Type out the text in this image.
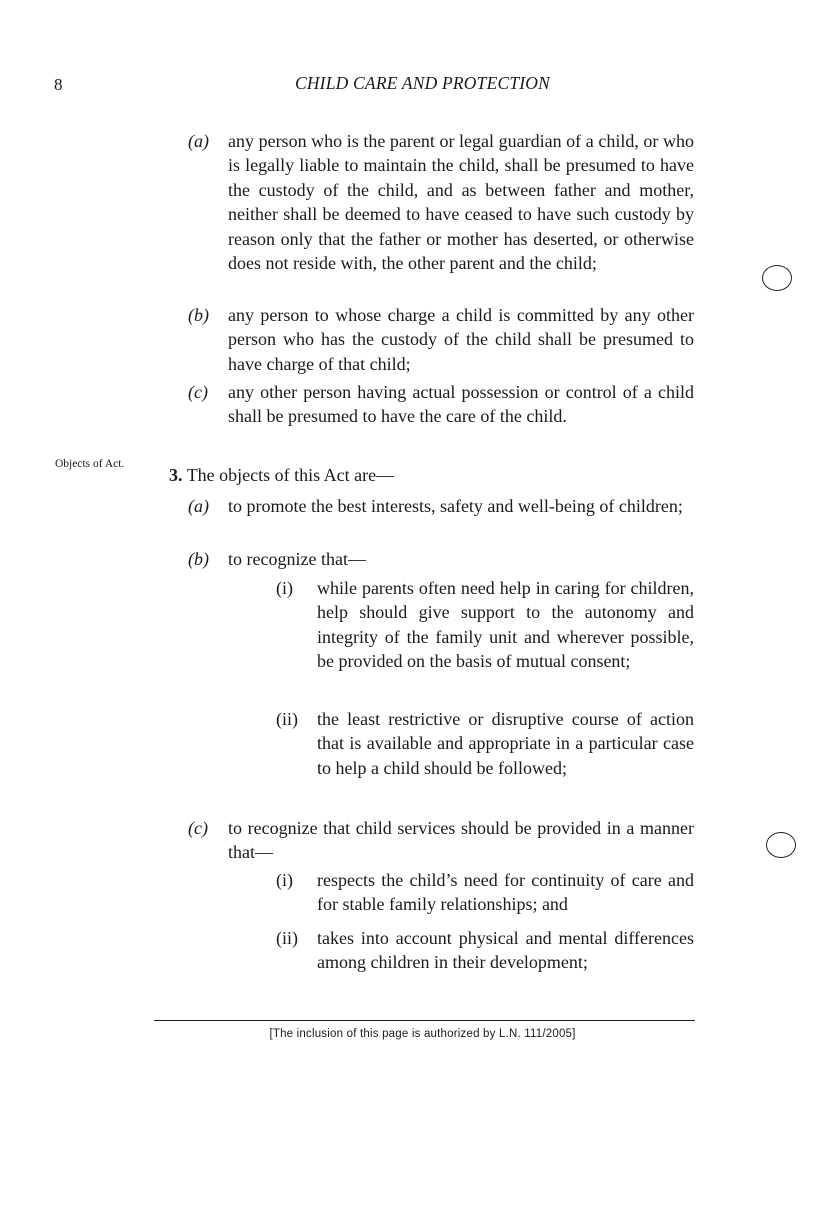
8	CHILD CARE AND PROTECTION
(a) any person who is the parent or legal guardian of a child, or who is legally liable to maintain the child, shall be presumed to have the custody of the child, and as between father and mother, neither shall be deemed to have ceased to have such custody by reason only that the father or mother has deserted, or otherwise does not reside with, the other parent and the child;
(b) any person to whose charge a child is committed by any other person who has the custody of the child shall be presumed to have charge of that child;
(c) any other person having actual possession or control of a child shall be presumed to have the care of the child.
Objects of Act.
3. The objects of this Act are—
(a) to promote the best interests, safety and well-being of children;
(b) to recognize that—
(i) while parents often need help in caring for children, help should give support to the autonomy and integrity of the family unit and wherever possible, be provided on the basis of mutual consent;
(ii) the least restrictive or disruptive course of action that is available and appropriate in a particular case to help a child should be followed;
(c) to recognize that child services should be provided in a manner that—
(i) respects the child’s need for continuity of care and for stable family relationships; and
(ii) takes into account physical and mental differences among children in their development;
[The inclusion of this page is authorized by L.N. 111/2005]
